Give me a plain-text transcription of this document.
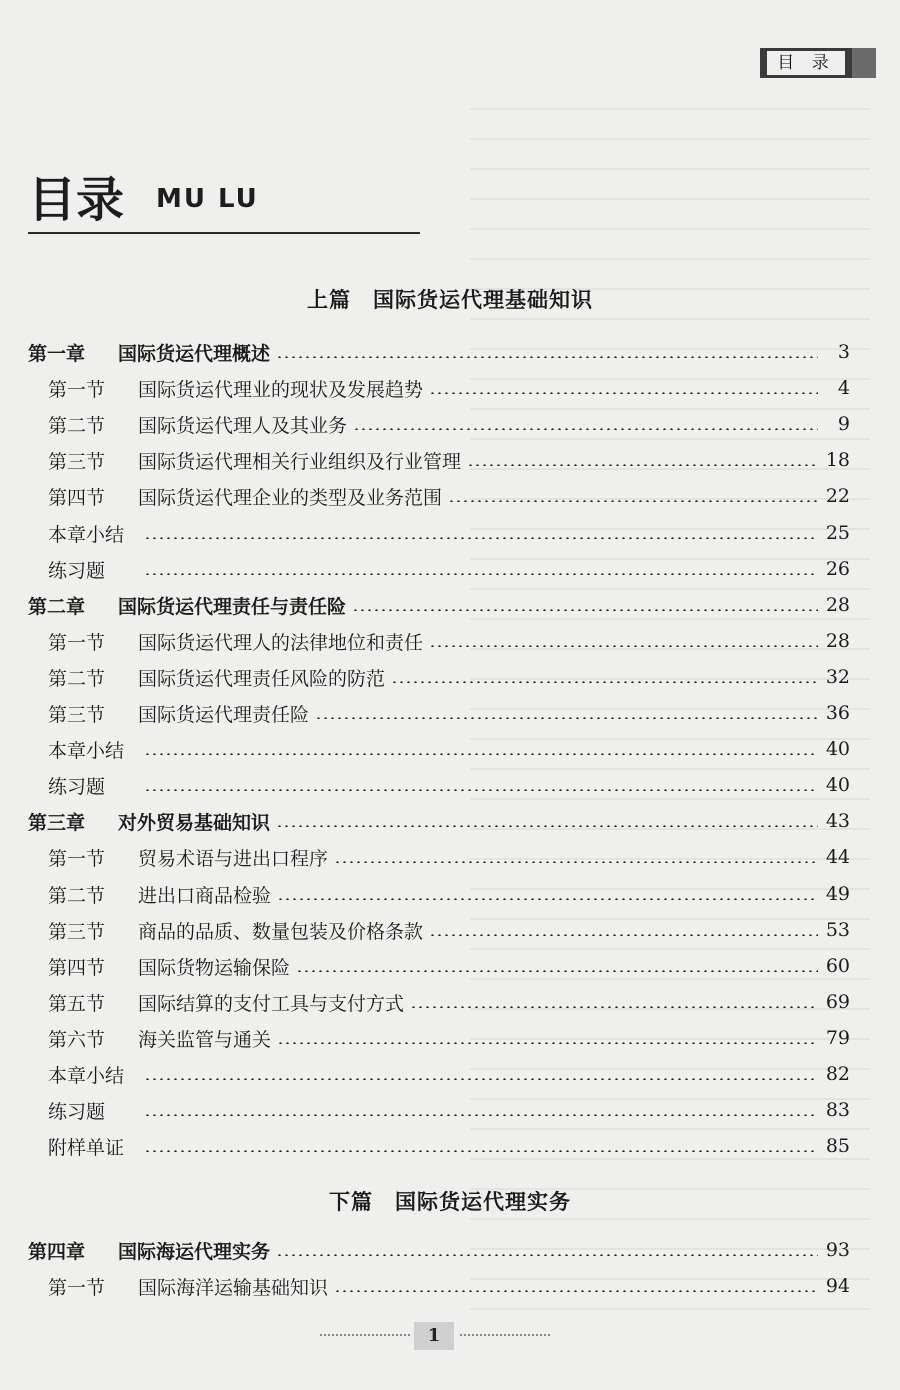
目 录
目录 MU LU
上篇 国际货运代理基础知识
下篇 国际货运代理实务
第一章 国际货运代理概述	3
第一节 国际货运代理业的现状及发展趋势	4
第二节 国际货运代理人及其业务	9
第三节 国际货运代理相关行业组织及行业管理	18
第四节 国际货运代理企业的类型及业务范围	22
本章小结	25
练习题	26
第二章 国际货运代理责任与责任险	28
第一节 国际货运代理人的法律地位和责任	28
第二节 国际货运代理责任风险的防范	32
第三节 国际货运代理责任险	36
本章小结	40
练习题	40
第三章 对外贸易基础知识	43
第一节 贸易术语与进出口程序	44
第二节 进出口商品检验	49
第三节 商品的品质、数量包装及价格条款	53
第四节 国际货物运输保险	60
第五节 国际结算的支付工具与支付方式	69
第六节 海关监管与通关	79
本章小结	82
练习题	83
附样单证	85
第四章 国际海运代理实务	93
第一节 国际海洋运输基础知识	94
1
